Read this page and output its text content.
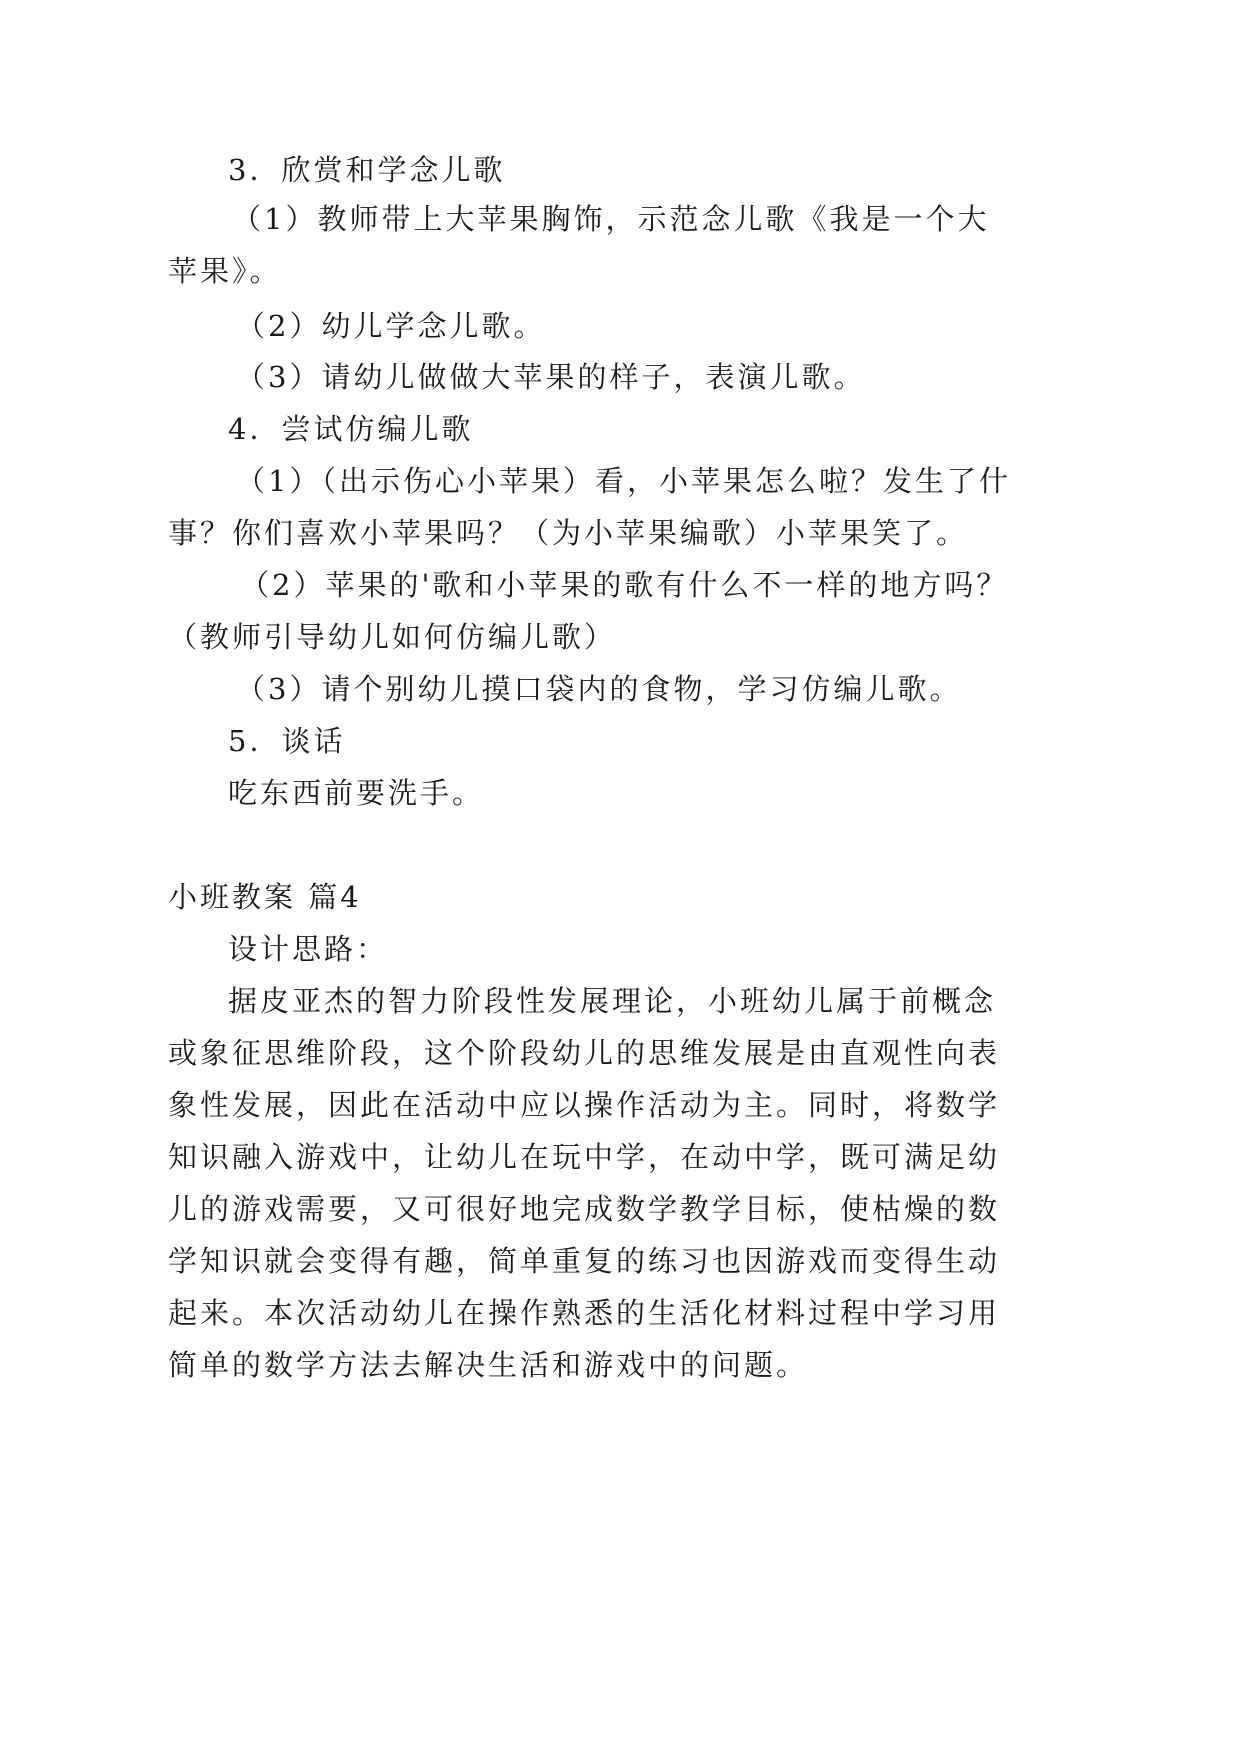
3．欣赏和学念儿歌
（1）教师带上大苹果胸饰，示范念儿歌《我是一个大
苹果》。
（2）幼儿学念儿歌。
（3）请幼儿做做大苹果的样子，表演儿歌。
4．尝试仿编儿歌
（1）（出示伤心小苹果）看，小苹果怎么啦？发生了什
事？你们喜欢小苹果吗？（为小苹果编歌）小苹果笑了。
（2）苹果的'歌和小苹果的歌有什么不一样的地方吗？
（教师引导幼儿如何仿编儿歌）
（3）请个别幼儿摸口袋内的食物，学习仿编儿歌。
5．谈话
吃东西前要洗手。
小班教案 篇4
设计思路：
据皮亚杰的智力阶段性发展理论，小班幼儿属于前概念
或象征思维阶段，这个阶段幼儿的思维发展是由直观性向表
象性发展，因此在活动中应以操作活动为主。同时，将数学
知识融入游戏中，让幼儿在玩中学，在动中学，既可满足幼
儿的游戏需要，又可很好地完成数学教学目标，使枯燥的数
学知识就会变得有趣，简单重复的练习也因游戏而变得生动
起来。本次活动幼儿在操作熟悉的生活化材料过程中学习用
简单的数学方法去解决生活和游戏中的问题。
